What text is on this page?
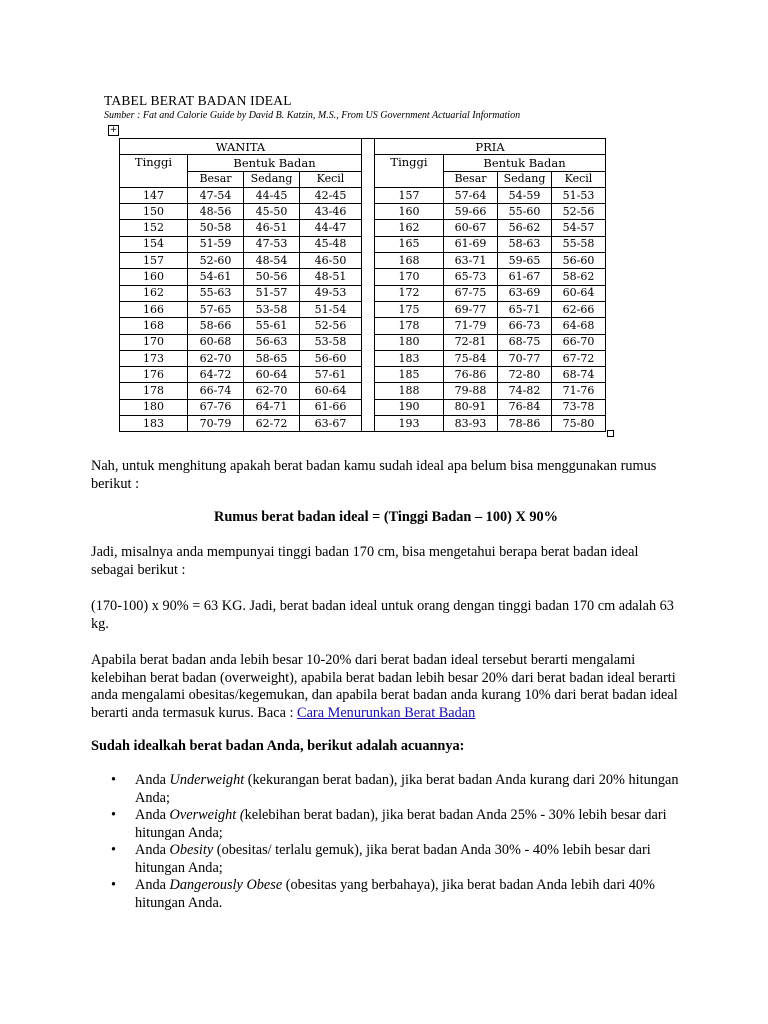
TABEL BERAT BADAN IDEAL
Sumber : Fat and Calorie Guide by David B. Katzin, M.S., From US Government Actuarial Information
+
WANITA			
Tinggi	Bentuk Badan		
	Besar	Sedang	Kecil
147	47-54	44-45	42-45
150	48-56	45-50	43-46
152	50-58	46-51	44-47
154	51-59	47-53	45-48
157	52-60	48-54	46-50
160	54-61	50-56	48-51
162	55-63	51-57	49-53
166	57-65	53-58	51-54
168	58-66	55-61	52-56
170	60-68	56-63	53-58
173	62-70	58-65	56-60
176	64-72	60-64	57-61
178	66-74	62-70	60-64
180	67-76	64-71	61-66
183	70-79	62-72	63-67
PRIA			
Tinggi	Bentuk Badan		
	Besar	Sedang	Kecil
157	57-64	54-59	51-53
160	59-66	55-60	52-56
162	60-67	56-62	54-57
165	61-69	58-63	55-58
168	63-71	59-65	56-60
170	65-73	61-67	58-62
172	67-75	63-69	60-64
175	69-77	65-71	62-66
178	71-79	66-73	64-68
180	72-81	68-75	66-70
183	75-84	70-77	67-72
185	76-86	72-80	68-74
188	79-88	74-82	71-76
190	80-91	76-84	73-78
193	83-93	78-86	75-80
Nah, untuk menghitung apakah berat badan kamu sudah ideal apa belum bisa menggunakan rumus berikut :
Rumus berat badan ideal = (Tinggi Badan – 100) X 90%
Jadi, misalnya anda mempunyai tinggi badan 170 cm, bisa mengetahui berapa berat badan ideal sebagai berikut :
(170-100) x 90% = 63 KG. Jadi, berat badan ideal untuk orang dengan tinggi badan 170 cm adalah 63 kg.
Apabila berat badan anda lebih besar 10-20% dari berat badan ideal tersebut berarti mengalami kelebihan berat badan (overweight), apabila berat badan lebih besar 20% dari berat badan ideal berarti anda mengalami obesitas/kegemukan, dan apabila berat badan anda kurang 10% dari berat badan ideal berarti anda termasuk kurus. Baca : Cara Menurunkan Berat Badan
Sudah idealkah berat badan Anda, berikut adalah acuannya:
• Anda Underweight (kekurangan berat badan), jika berat badan Anda kurang dari 20% hitungan Anda;
• Anda Overweight (kelebihan berat badan), jika berat badan Anda 25% - 30% lebih besar dari hitungan Anda;
• Anda Obesity (obesitas/ terlalu gemuk), jika berat badan Anda 30% - 40% lebih besar dari hitungan Anda;
• Anda Dangerously Obese (obesitas yang berbahaya), jika berat badan Anda lebih dari 40% hitungan Anda.
